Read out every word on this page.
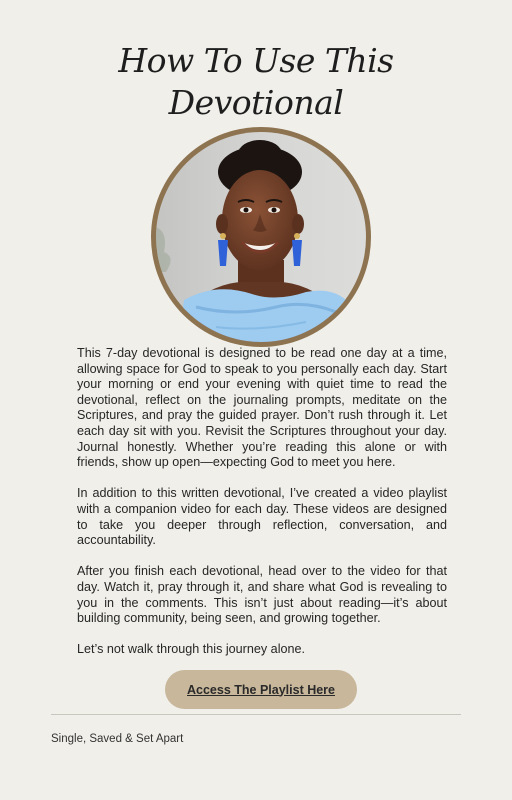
How To Use This
Devotional

This 7-day devotional is designed to be read one day at a time, allowing space for God to speak to you personally each day. Start your morning or end your evening with quiet time to read the devotional, reflect on the journaling prompts, meditate on the Scriptures, and pray the guided prayer. Don’t rush through it. Let each day sit with you. Revisit the Scriptures throughout your day. Journal honestly. Whether you’re reading this alone or with friends, show up open—expecting God to meet you here.

In addition to this written devotional, I’ve created a video playlist with a companion video for each day. These videos are designed to take you deeper through reflection, conversation, and accountability.

After you finish each devotional, head over to the video for that day. Watch it, pray through it, and share what God is revealing to you in the comments. This isn’t just about reading—it’s about building community, being seen, and growing together.

Let’s not walk through this journey alone.

Access The Playlist Here
Single, Saved & Set Apart
